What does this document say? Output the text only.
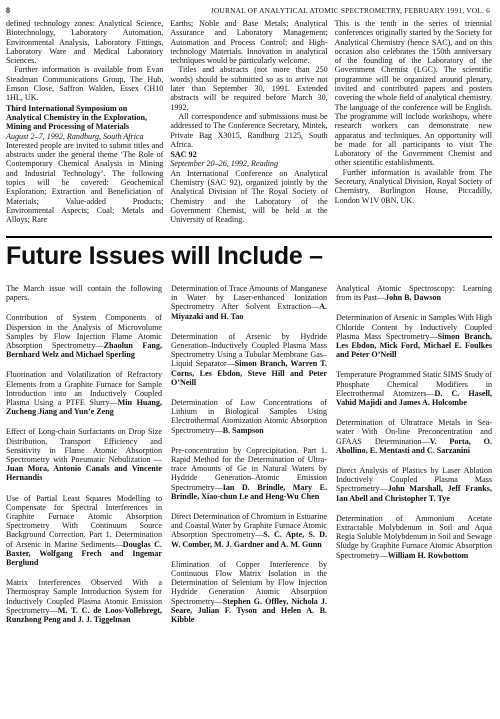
8	JOURNAL OF ANALYTICAL ATOMIC SPECTROMETRY, FEBRUARY 1991, VOL. 6

defined technology zones: Analytical Science, Biotechnology, Laboratory Automation, Environmental Analysis, Laboratory Fittings, Laboratory Ware and Medical Laboratory Sciences.

Further information is available from Evan Steadman Communications Group, The Hub, Emson Close, Saffron Walden, Essex CH10 1HL, UK.

Third International Symposium on Analytical Chemistry in the Exploration, Mining and Processing of Materials
August 2–7, 1992, Randburg, South Africa

Interested people are invited to submit titles and abstracts under the general theme ‘The Role of Contemporary Chemical Analysis in Mining and Industrial Technology’. The following topics will be covered: Geochemical Exploration; Extraction and Beneficiation of Materials; Value-added Products; Environmental Aspects; Coal; Metals and Alloys; Rare

Earths; Noble and Base Metals; Analytical Assurance and Laboratory Management; Automation and Process Control; and High-technology Materials. Innovation in analytical techniques would be particularly welcome.

Titles and abstracts (not more than 250 words) should be submitted so as to arrive not later than September 30, 1991. Extended abstracts will be required before March 30, 1992.

All correspondence and submissions must be addressed to The Conference Secretary, Mintek, Private Bag X3015, Randburg 2125, South Africa.

SAC 92
September 20–26, 1992, Reading

An International Conference on Analytical Chemistry (SAC 92), organized jointly by the Analytical Division of The Royal Society of Chemistry and the Laboratory of the Government Chemist, will be held at the University of Reading.

This is the tenth in the series of triennial conferences originally started by the Society for Analytical Chemistry (hence SAC), and on this occasion also celebrates the 150th anniversary of the founding of the Laboratory of the Government Chemist (LGC). The scientific programme will be organized around plenary, invited and contributed papers and posters covering the whole field of analytical chemistry. The language of the conference will be English. The programme will include workshops, where research workers can demonstrate new apparatus and techniques. An opportunity will be made for all participants to visit The Laboratory of the Government Chemist and other scientific establishments.

Further information is available from The Secretary, Analytical Division, Royal Society of Chemistry, Burlington House, Piccadilly, London W1V 0BN, UK.

Future Issues will Include –
The March issue will contain the following papers.
Contribution of System Components of Dispersion in the Analysis of Microvolume Samples by Flow Injection Flame Atomic Absorption Spectrometry—Zhaolun Fang, Bernhard Welz and Michael Sperling
Fluorination and Volatilization of Refractory Elements from a Graphite Furnace for Sample Introduction into an Inductively Coupled Plasma Using a PTFE Slurry—Min Huang, Zucheng Jiang and Yun’e Zeng
Effect of Long-chain Surfactants on Drop Size Distribution, Transport Efficiency and Sensitivity in Flame Atomic Absorption Spectrometry with Pneumatic Nebulization —Juan Mora, Antonio Canals and Vincente Hernandis
Use of Partial Least Squares Modelling to Compensate for Spectral Interferences in Graphite Furnace Atomic Absorption Spectrometry With Continuum Source Background Correction. Part 1. Determination of Arsenic in Marine Sediments—Douglas C. Baxter, Wolfgang Frech and Ingemar Berglund
Matrix Interferences Observed With a Thermospray Sample Introduction System for Inductively Coupled Plasma Atomic Emission Spectrometry—M. T. C. de Loos-Vollebregt, Runzhong Peng and J. J. Tiggelman
Determination of Trace Amounts of Manganese in Water by Laser-enhanced Ionization Spectrometry After Solvent Extraction—A. Miyazaki and H. Tao
Determination of Arsenic by Hydride Generation–Inductively Coupled Plasma Mass Spectrometry Using a Tubular Membrane Gas–Liquid Separator—Simon Branch, Warren T. Corns, Les Ebdon, Steve Hill and Peter O’Neill
Determination of Low Concentrations of Lithium in Biological Samples Using Electrothermal Atomization Atomic Absorption Spectrometry—B. Sampson
Pre-concentration by Coprecipitation. Part 1. Rapid Method for the Determination of Ultra-trace Amounts of Ge in Natural Waters by Hydride Generation–Atomic Emission Spectrometry—Ian D. Brindle, Mary E. Brindle, Xiao-chun Le and Heng-Wu Chen
Direct Determination of Chromium in Estuarine and Coastal Water by Graphite Furnace Atomic Absorption Spectrometry—S. C. Apte, S. D. W. Comber, M. J. Gardner and A. M. Gunn
Elimination of Copper Interference by Continuous Flow Matrix Isolation in the Determination of Selenium by Flow Injection Hydride Generation Atomic Absorption Spectrometry—Stephen G. Offley, Nichola J. Seare, Julian F. Tyson and Helen A. B. Kibble
Analytical Atomic Spectroscopy: Learning from its Past—John B. Dawson
Determination of Arsenic in Samples With High Chloride Content by Inductively Coupled Plasma Mass Spectrometry—Simon Branch, Les Ebdon, Mick Ford, Michael E. Foulkes and Peter O’Neill
Temperature Programmed Static SIMS Study of Phosphate Chemical Modifiers in Electrothermal Atomizers—D. C. Hasell, Vahid Majidi and James A. Holcombe
Determination of Ultratrace Metals in Sea-water With On-line Preconcentration and GFAAS Determination—V. Porta, O. Abollino, E. Mentasti and C. Sarzanini
Direct Analysis of Plastics by Laser Ablation Inductively Coupled Plasma Mass Spectrometry—John Marshall, Jeff Franks, Ian Abell and Christopher T. Tye
Determination of Ammonium Acetate Extractable Molybdenum in Soil and Aqua Regia Soluble Molybdenum in Soil and Sewage Sludge by Graphite Furnace Atomic Absorption Spectrometry—William H. Rowbottom
